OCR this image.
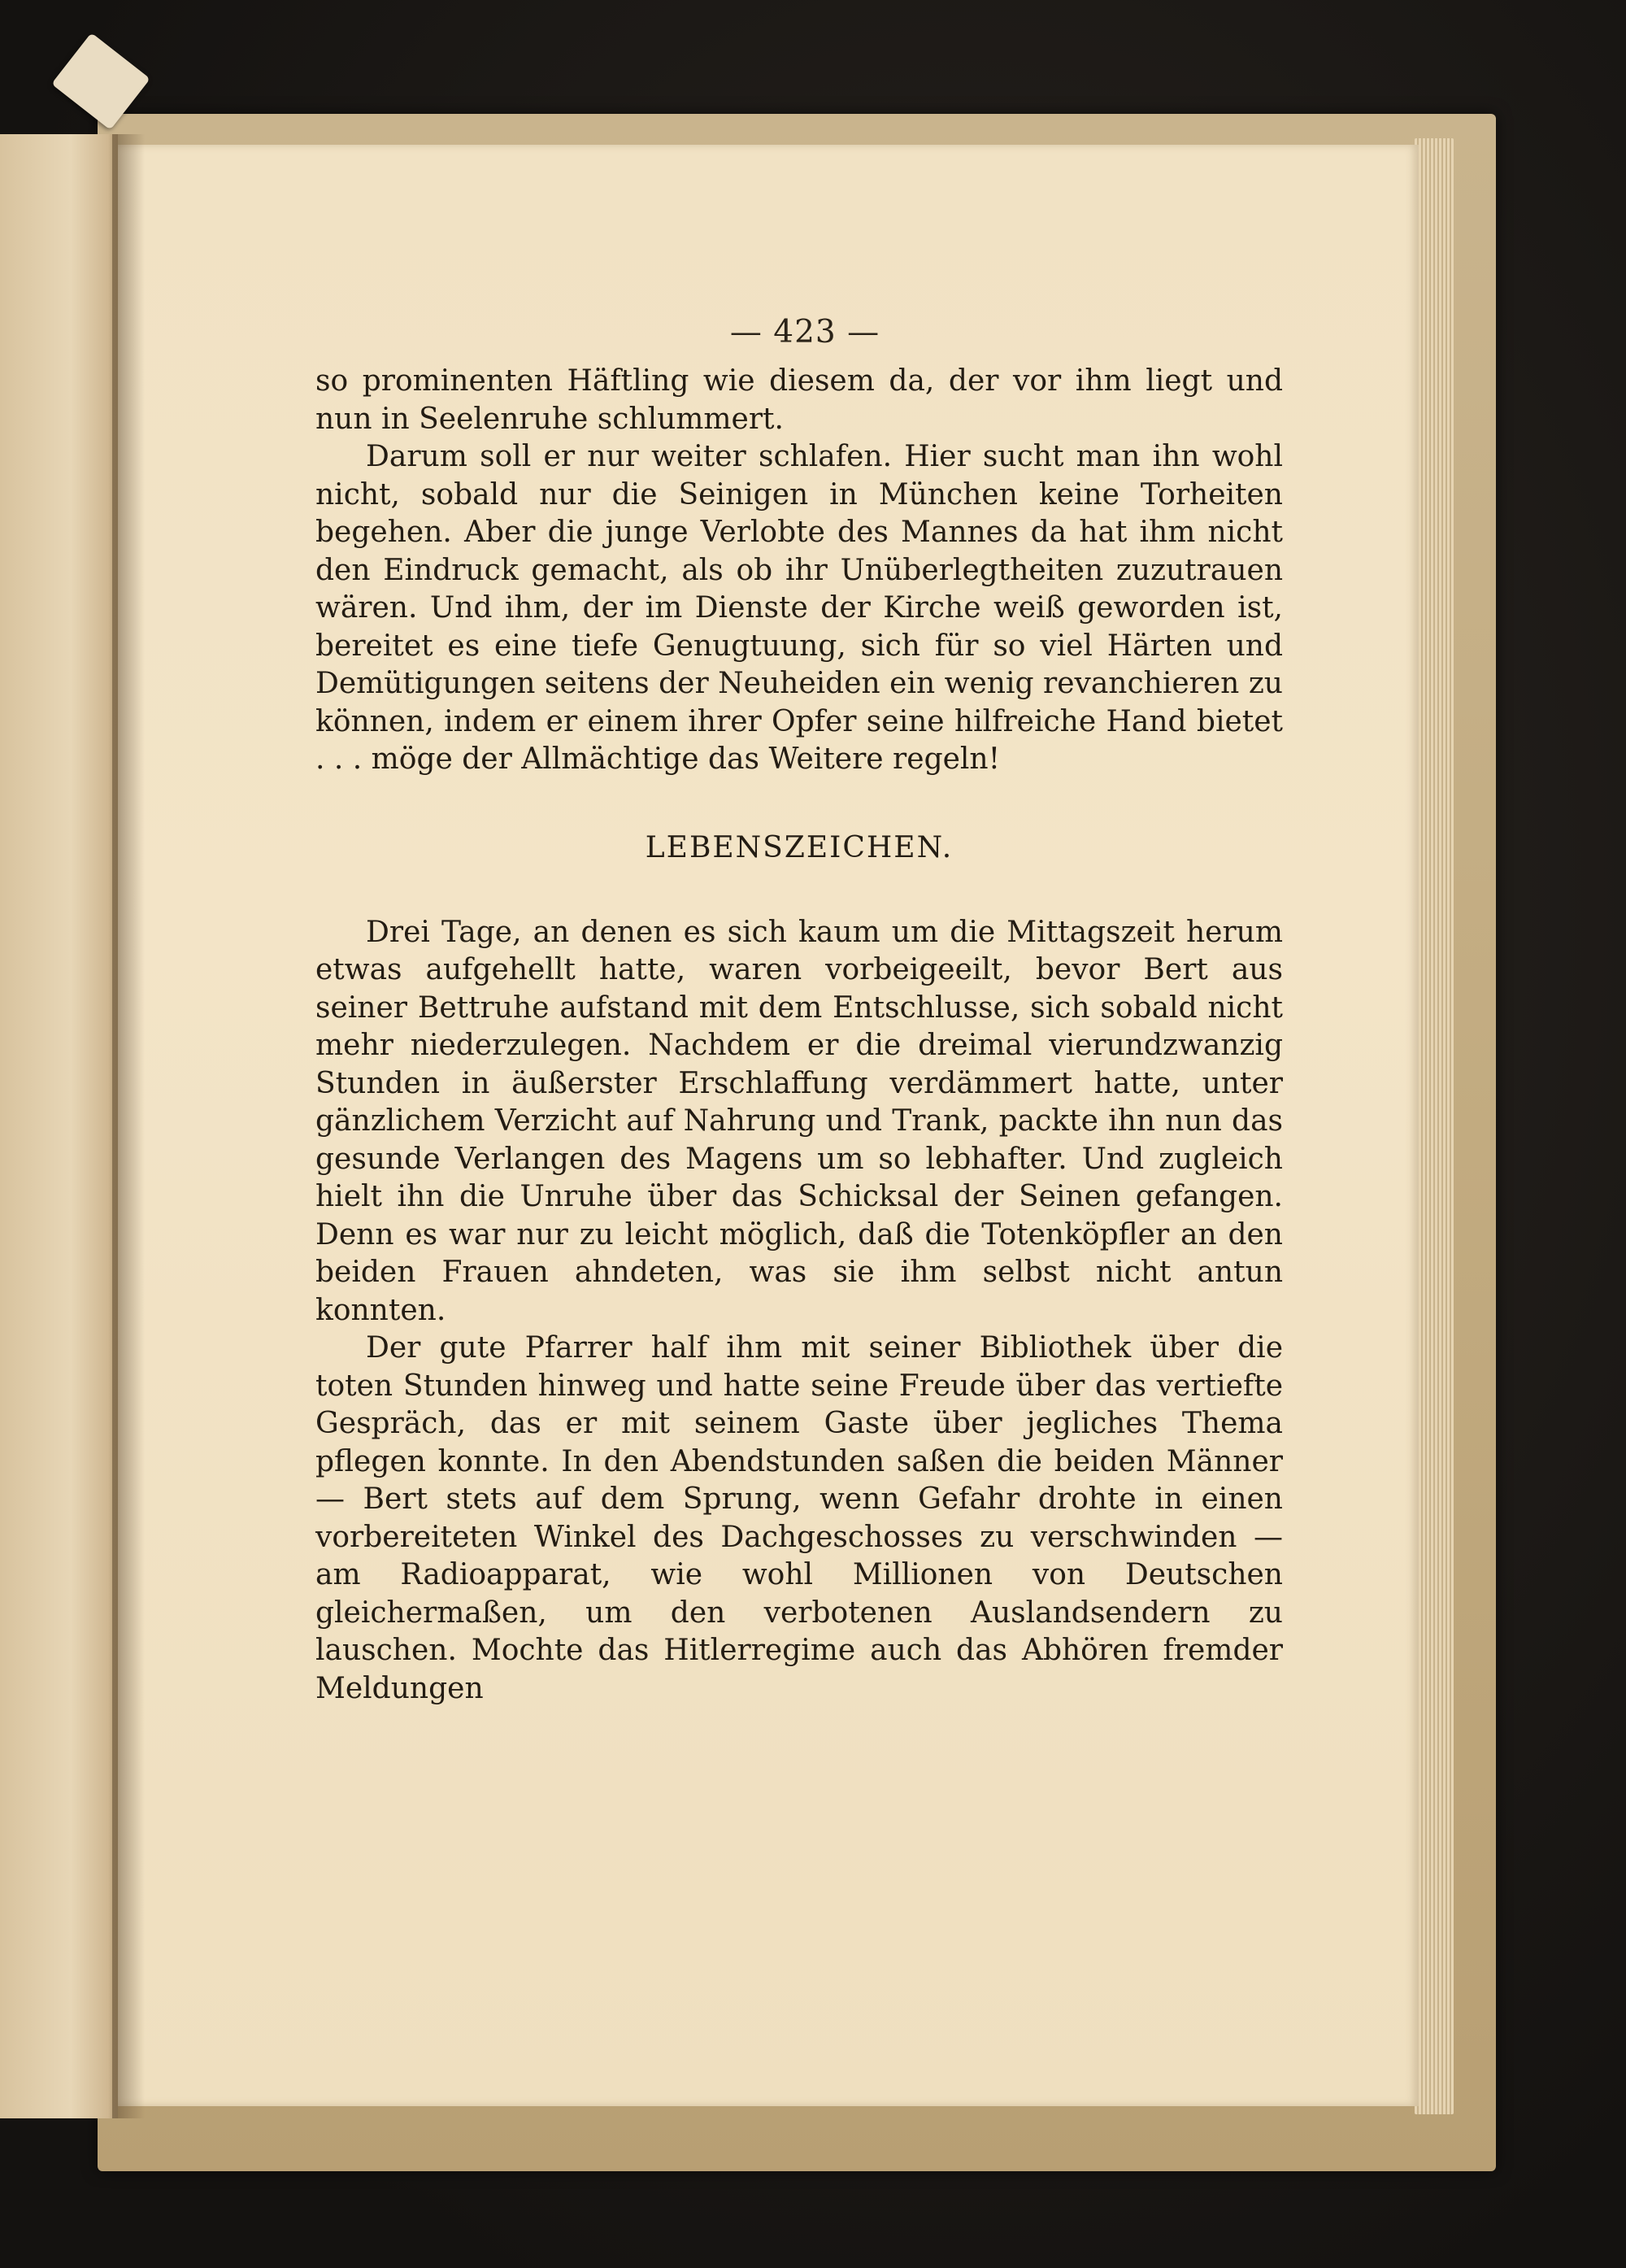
— 423 —

so prominenten Häftling wie diesem da, der vor ihm liegt und nun in Seelenruhe schlummert.

Darum soll er nur weiter schlafen. Hier sucht man ihn wohl nicht, sobald nur die Seinigen in München keine Torheiten begehen. Aber die junge Verlobte des Mannes da hat ihm nicht den Eindruck gemacht, als ob ihr Unüberlegtheiten zuzutrauen wären. Und ihm, der im Dienste der Kirche weiß geworden ist, bereitet es eine tiefe Genugtuung, sich für so viel Härten und Demütigungen seitens der Neuheiden ein wenig revanchieren zu können, indem er einem ihrer Opfer seine hilfreiche Hand bietet . . . möge der Allmächtige das Weitere regeln!

LEBENSZEICHEN.

Drei Tage, an denen es sich kaum um die Mittagszeit herum etwas aufgehellt hatte, waren vorbeigeeilt, bevor Bert aus seiner Bettruhe aufstand mit dem Entschlusse, sich sobald nicht mehr niederzulegen. Nachdem er die dreimal vierundzwanzig Stunden in äußerster Erschlaffung verdämmert hatte, unter gänzlichem Verzicht auf Nahrung und Trank, packte ihn nun das gesunde Verlangen des Magens um so lebhafter. Und zugleich hielt ihn die Unruhe über das Schicksal der Seinen gefangen. Denn es war nur zu leicht möglich, daß die Totenköpfler an den beiden Frauen ahndeten, was sie ihm selbst nicht antun konnten.

Der gute Pfarrer half ihm mit seiner Bibliothek über die toten Stunden hinweg und hatte seine Freude über das vertiefte Gespräch, das er mit seinem Gaste über jegliches Thema pflegen konnte. In den Abendstunden saßen die beiden Männer — Bert stets auf dem Sprung, wenn Gefahr drohte in einen vorbereiteten Winkel des Dachgeschosses zu verschwinden — am Radioapparat, wie wohl Millionen von Deutschen gleichermaßen, um den verbotenen Auslandsendern zu lauschen. Mochte das Hitlerregime auch das Abhören fremder Meldungen
